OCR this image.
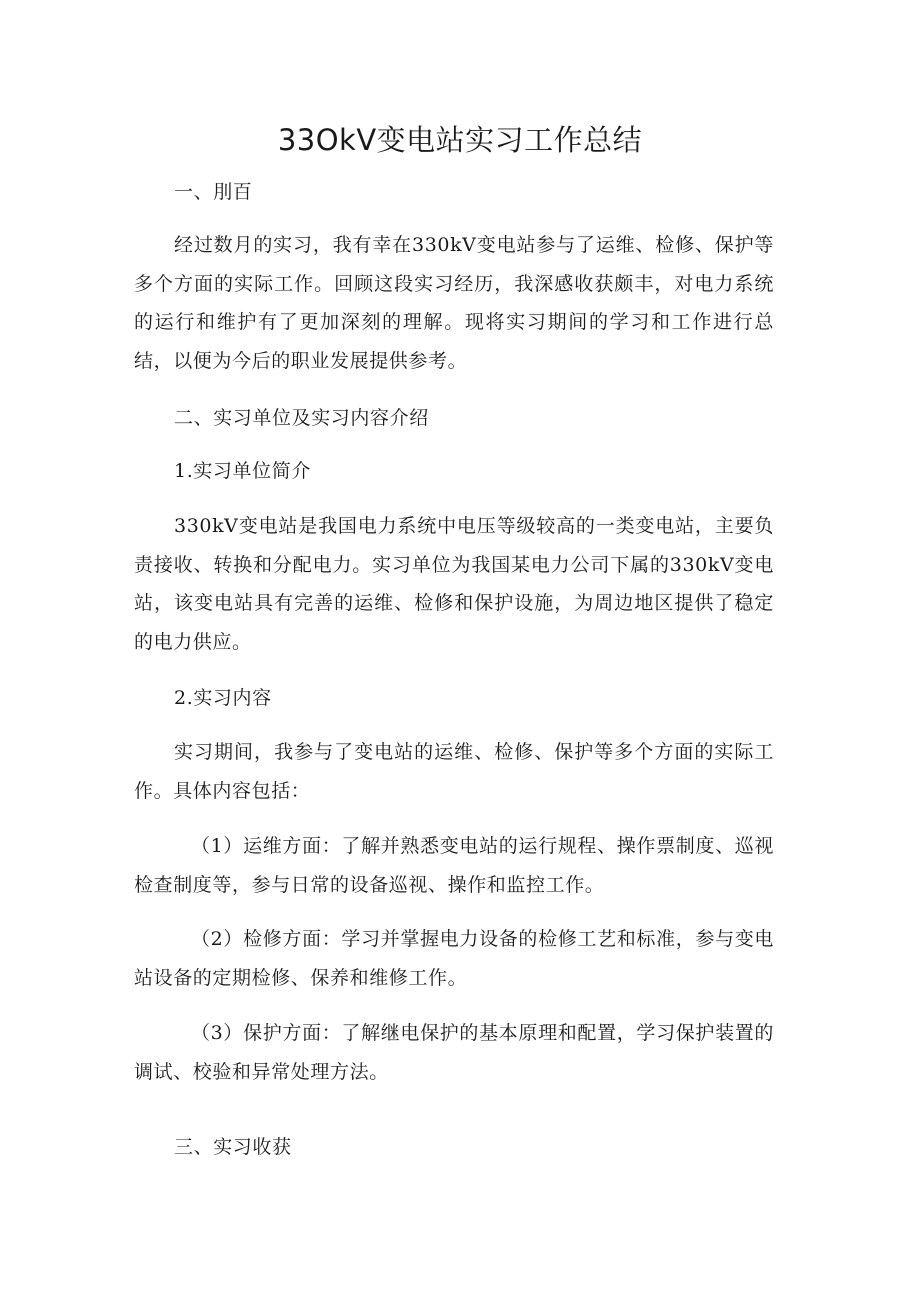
33OkV变电站实习工作总结

一、刖百

经过数月的实习，我有幸在330kV变电站参与了运维、检修、保护等多个方面的实际工作。回顾这段实习经历，我深感收获颇丰，对电力系统的运行和维护有了更加深刻的理解。现将实习期间的学习和工作进行总结，以便为今后的职业发展提供参考。

二、实习单位及实习内容介绍

1.实习单位简介

330kV变电站是我国电力系统中电压等级较高的一类变电站，主要负责接收、转换和分配电力。实习单位为我国某电力公司下属的330kV变电站，该变电站具有完善的运维、检修和保护设施，为周边地区提供了稳定的电力供应。

2.实习内容

实习期间，我参与了变电站的运维、检修、保护等多个方面的实际工作。具体内容包括：

（1）运维方面：了解并熟悉变电站的运行规程、操作票制度、巡视检查制度等，参与日常的设备巡视、操作和监控工作。

（2）检修方面：学习并掌握电力设备的检修工艺和标准，参与变电站设备的定期检修、保养和维修工作。

（3）保护方面：了解继电保护的基本原理和配置，学习保护装置的调试、校验和异常处理方法。

三、实习收获
